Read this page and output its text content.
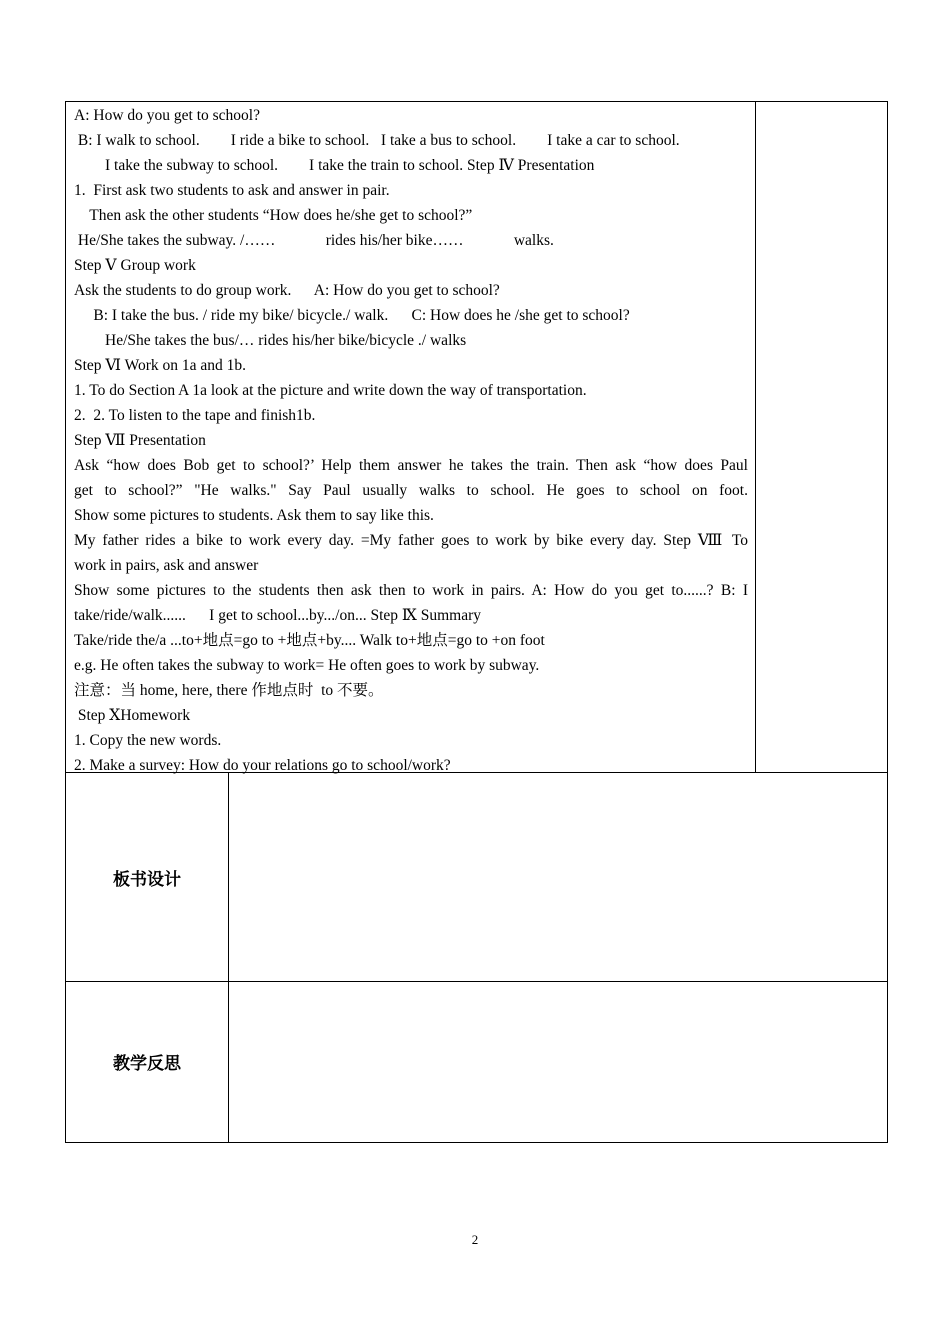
A: How do you get to school?
B: I walk to school.        I ride a bike to school.   I take a bus to school.        I take a car to school.
I take the subway to school.        I take the train to school. Step Ⅳ Presentation
1.  First ask two students to ask and answer in pair.
Then ask the other students “How does he/she get to school?”
He/She takes the subway. /……             rides his/her bike……             walks.
Step Ⅴ Group work
Ask the students to do group work.      A: How do you get to school?
B: I take the bus. / ride my bike/ bicycle./ walk.      C: How does he /she get to school?
He/She takes the bus/… rides his/her bike/bicycle ./ walks
Step Ⅵ Work on 1a and 1b.
1. To do Section A 1a look at the picture and write down the way of transportation.
2.  2. To listen to the tape and finish1b.
Step Ⅶ Presentation
Ask “how does Bob get to school?’ Help them answer he takes the train. Then ask “how does Paul
get to school?” "He walks." Say Paul usually walks to school. He goes to school on foot.
Show some pictures to students. Ask them to say like this.
My father rides a bike to work every day. =My father goes to work by bike every day. Step Ⅷ To
work in pairs, ask and answer
Show some pictures to the students then ask then to work in pairs. A: How do you get to......? B: I
take/ride/walk......      I get to school...by.../on... Step Ⅸ Summary
Take/ride the/a ...to+地点=go to +地点+by.... Walk to+地点=go to +on foot
e.g. He often takes the subway to work= He often goes to work by subway.
注意：当 home, here, there 作地点时  to 不要。
Step ⅩHomework
1. Copy the new words.
2. Make a survey: How do your relations go to school/work?
板书设计
教学反思
2
